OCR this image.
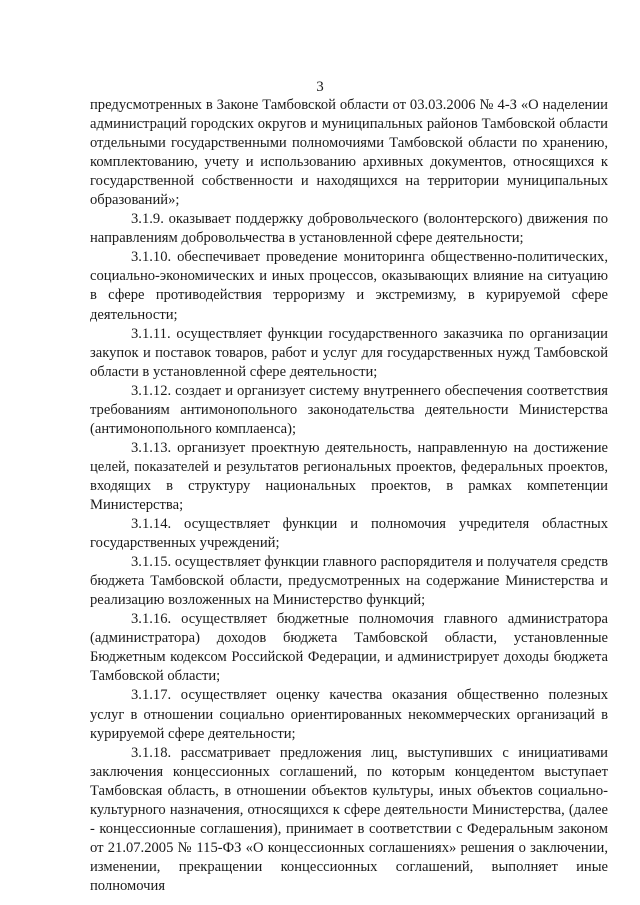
3

предусмотренных в Законе Тамбовской области от 03.03.2006 № 4-З «О наделении администраций городских округов и муниципальных районов Тамбовской области отдельными государственными полномочиями Тамбовской области по хранению, комплектованию, учету и использованию архивных документов, относящихся к государственной собственности и находящихся на территории муниципальных образований»;

3.1.9. оказывает поддержку добровольческого (волонтерского) движения по направлениям добровольчества в установленной сфере деятельности;

3.1.10. обеспечивает проведение мониторинга общественно-политических, социально-экономических и иных процессов, оказывающих влияние на ситуацию в сфере противодействия терроризму и экстремизму, в курируемой сфере деятельности;

3.1.11. осуществляет функции государственного заказчика по организации закупок и поставок товаров, работ и услуг для государственных нужд Тамбовской области в установленной сфере деятельности;

3.1.12. создает и организует систему внутреннего обеспечения соответствия требованиям антимонопольного законодательства деятельности Министерства (антимонопольного комплаенса);

3.1.13. организует проектную деятельность, направленную на достижение целей, показателей и результатов региональных проектов, федеральных проектов, входящих в структуру национальных проектов, в рамках компетенции Министерства;

3.1.14. осуществляет функции и полномочия учредителя областных государственных учреждений;

3.1.15. осуществляет функции главного распорядителя и получателя средств бюджета Тамбовской области, предусмотренных на содержание Министерства и реализацию возложенных на Министерство функций;

3.1.16. осуществляет бюджетные полномочия главного администратора (администратора) доходов бюджета Тамбовской области, установленные Бюджетным кодексом Российской Федерации, и администрирует доходы бюджета Тамбовской области;

3.1.17. осуществляет оценку качества оказания общественно полезных услуг в отношении социально ориентированных некоммерческих организаций в курируемой сфере деятельности;

3.1.18. рассматривает предложения лиц, выступивших с инициативами заключения концессионных соглашений, по которым концедентом выступает Тамбовская область, в отношении объектов культуры, иных объектов социально-культурного назначения, относящихся к сфере деятельности Министерства, (далее - концессионные соглашения), принимает в соответствии с Федеральным законом от 21.07.2005 № 115-ФЗ «О концессионных соглашениях» решения о заключении, изменении, прекращении концессионных соглашений, выполняет иные полномочия
